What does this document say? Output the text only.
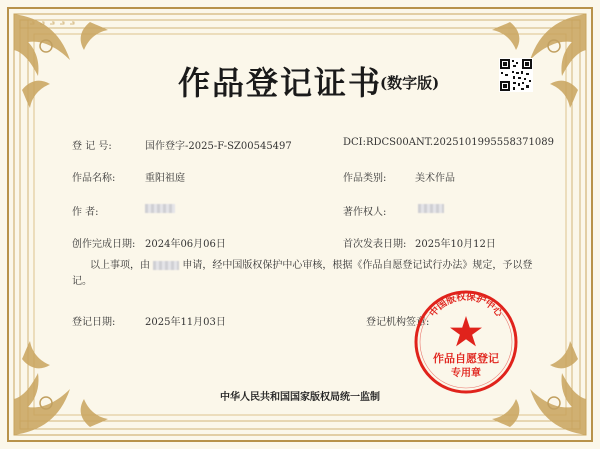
作品登记证书
(数字版)
登 记 号:	国作登字-2025-F-SZ00545497	DCI:RDCS00ANT.2025101995558371089
作品名称:	重阳祖庭	作品类别:	美术作品
作 者:	著作权人:
创作完成日期: 2024年06月06日	首次发表日期: 2025年10月12日
以上事项，由	申请，经中国版权保护中心审核，根据《作品自愿登记试行办法》规定，予以登记。
登记日期:	2025年11月03日	登记机构签章:
中国版权保护中心
作品自愿登记
专用章
中华人民共和国国家版权局统一监制
